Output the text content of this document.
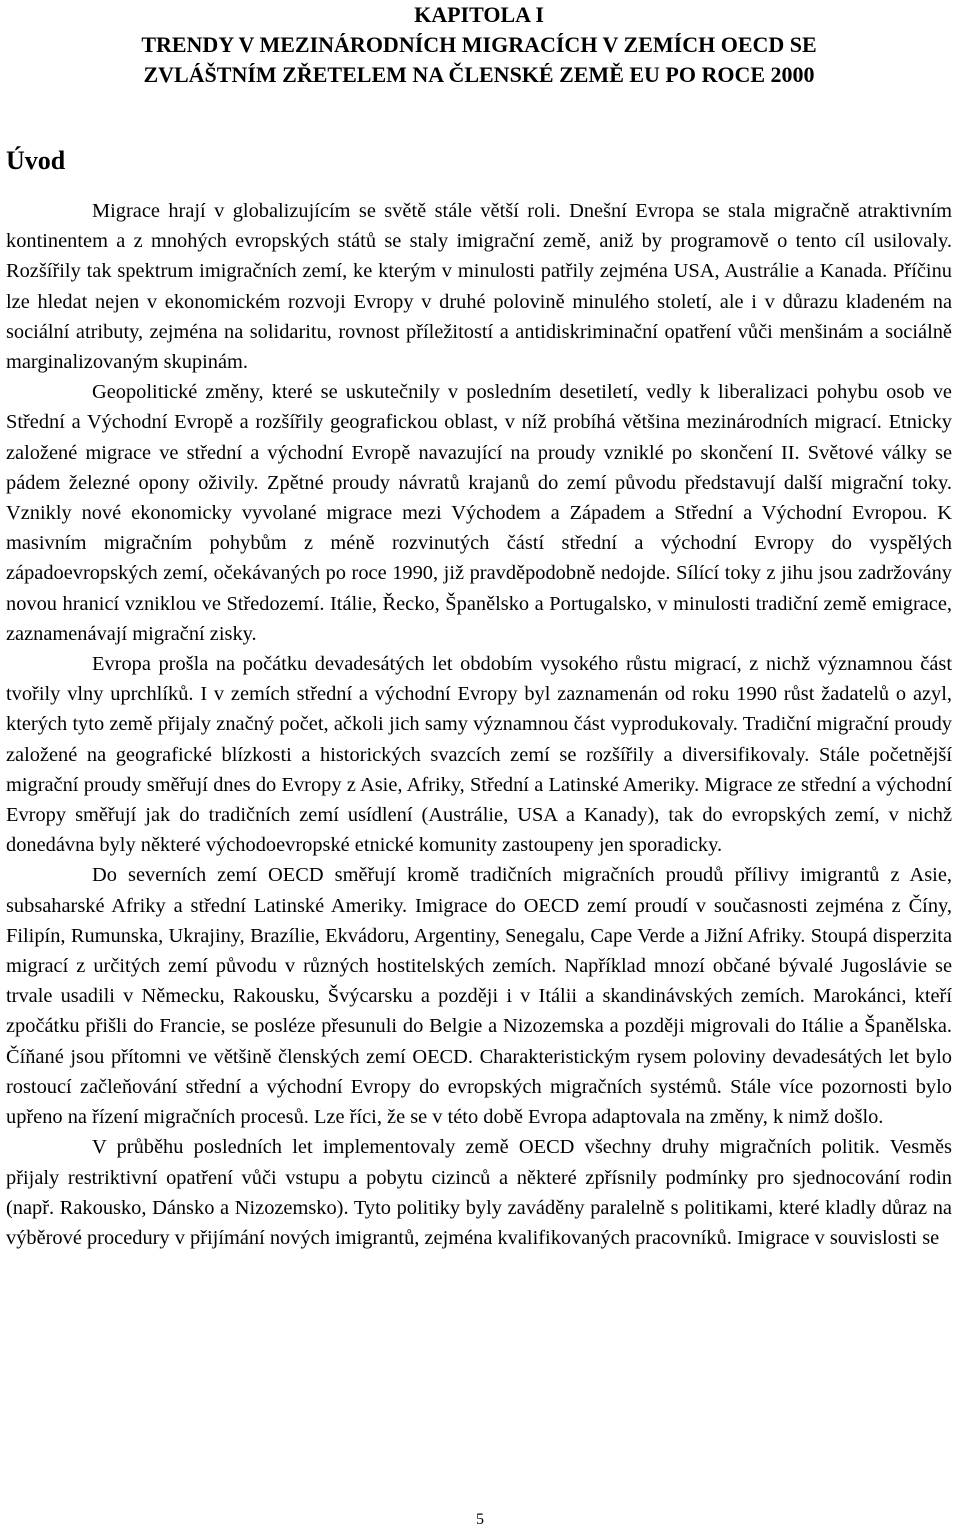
KAPITOLA I
TRENDY V MEZINÁRODNÍCH MIGRACÍCH V ZEMÍCH OECD SE
ZVLÁŠTNÍM ZŘETELEM NA ČLENSKÉ ZEMĚ EU PO ROCE 2000
Úvod

Migrace hrají v globalizujícím se světě stále větší roli. Dnešní Evropa se stala migračně atraktivním kontinentem a z mnohých evropských států se staly imigrační země, aniž by programově o tento cíl usilovaly. Rozšířily tak spektrum imigračních zemí, ke kterým v minulosti patřily zejména USA, Austrálie a Kanada. Příčinu lze hledat nejen v ekonomickém rozvoji Evropy v druhé polovině minulého století, ale i v důrazu kladeném na sociální atributy, zejména na solidaritu, rovnost příležitostí a antidiskriminační opatření vůči menšinám a sociálně marginalizovaným skupinám.

Geopolitické změny, které se uskutečnily v posledním desetiletí, vedly k liberalizaci pohybu osob ve Střední a Východní Evropě a rozšířily geografickou oblast, v níž probíhá většina mezinárodních migrací. Etnicky založené migrace ve střední a východní Evropě navazující na proudy vzniklé po skončení II. Světové války se pádem železné opony oživily. Zpětné proudy návratů krajanů do zemí původu představují další migrační toky. Vznikly nové ekonomicky vyvolané migrace mezi Východem a Západem a Střední a Východní Evropou. K masivním migračním pohybům z méně rozvinutých částí střední a východní Evropy do vyspělých západoevropských zemí, očekávaných po roce 1990, již pravděpodobně nedojde. Sílící toky z jihu jsou zadržovány novou hranicí vzniklou ve Středozemí. Itálie, Řecko, Španělsko a Portugalsko, v minulosti tradiční země emigrace, zaznamenávají migrační zisky.

Evropa prošla na počátku devadesátých let obdobím vysokého růstu migrací, z nichž významnou část tvořily vlny uprchlíků. I v zemích střední a východní Evropy byl zaznamenán od roku 1990 růst žadatelů o azyl, kterých tyto země přijaly značný počet, ačkoli jich samy významnou část vyprodukovaly. Tradiční migrační proudy založené na geografické blízkosti a historických svazcích zemí se rozšířily a diversifikovaly. Stále početnější migrační proudy směřují dnes do Evropy z Asie, Afriky, Střední a Latinské Ameriky. Migrace ze střední a východní Evropy směřují jak do tradičních zemí usídlení (Austrálie, USA a Kanady), tak do evropských zemí, v nichž donedávna byly některé východoevropské etnické komunity zastoupeny jen sporadicky.

Do severních zemí OECD směřují kromě tradičních migračních proudů přílivy imigrantů z Asie, subsaharské Afriky a střední Latinské Ameriky. Imigrace do OECD zemí proudí v současnosti zejména z Číny, Filipín, Rumunska, Ukrajiny, Brazílie, Ekvádoru, Argentiny, Senegalu, Cape Verde a Jižní Afriky. Stoupá disperzita migrací z určitých zemí původu v různých hostitelských zemích. Například mnozí občané bývalé Jugoslávie se trvale usadili v Německu, Rakousku, Švýcarsku a později i v Itálii a skandinávských zemích. Marokánci, kteří zpočátku přišli do Francie, se posléze přesunuli do Belgie a Nizozemska a později migrovali do Itálie a Španělska. Číňané jsou přítomni ve většině členských zemí OECD. Charakteristickým rysem poloviny devadesátých let bylo rostoucí začleňování střední a východní Evropy do evropských migračních systémů. Stále více pozornosti bylo upřeno na řízení migračních procesů. Lze říci, že se v této době Evropa adaptovala na změny, k nimž došlo.

V průběhu posledních let implementovaly země OECD všechny druhy migračních politik. Vesměs přijaly restriktivní opatření vůči vstupu a pobytu cizinců a některé zpřísnily podmínky pro sjednocování rodin (např. Rakousko, Dánsko a Nizozemsko). Tyto politiky byly zaváděny paralelně s politikami, které kladly důraz na výběrové procedury v přijímání nových imigrantů, zejména kvalifikovaných pracovníků. Imigrace v souvislosti se

5
